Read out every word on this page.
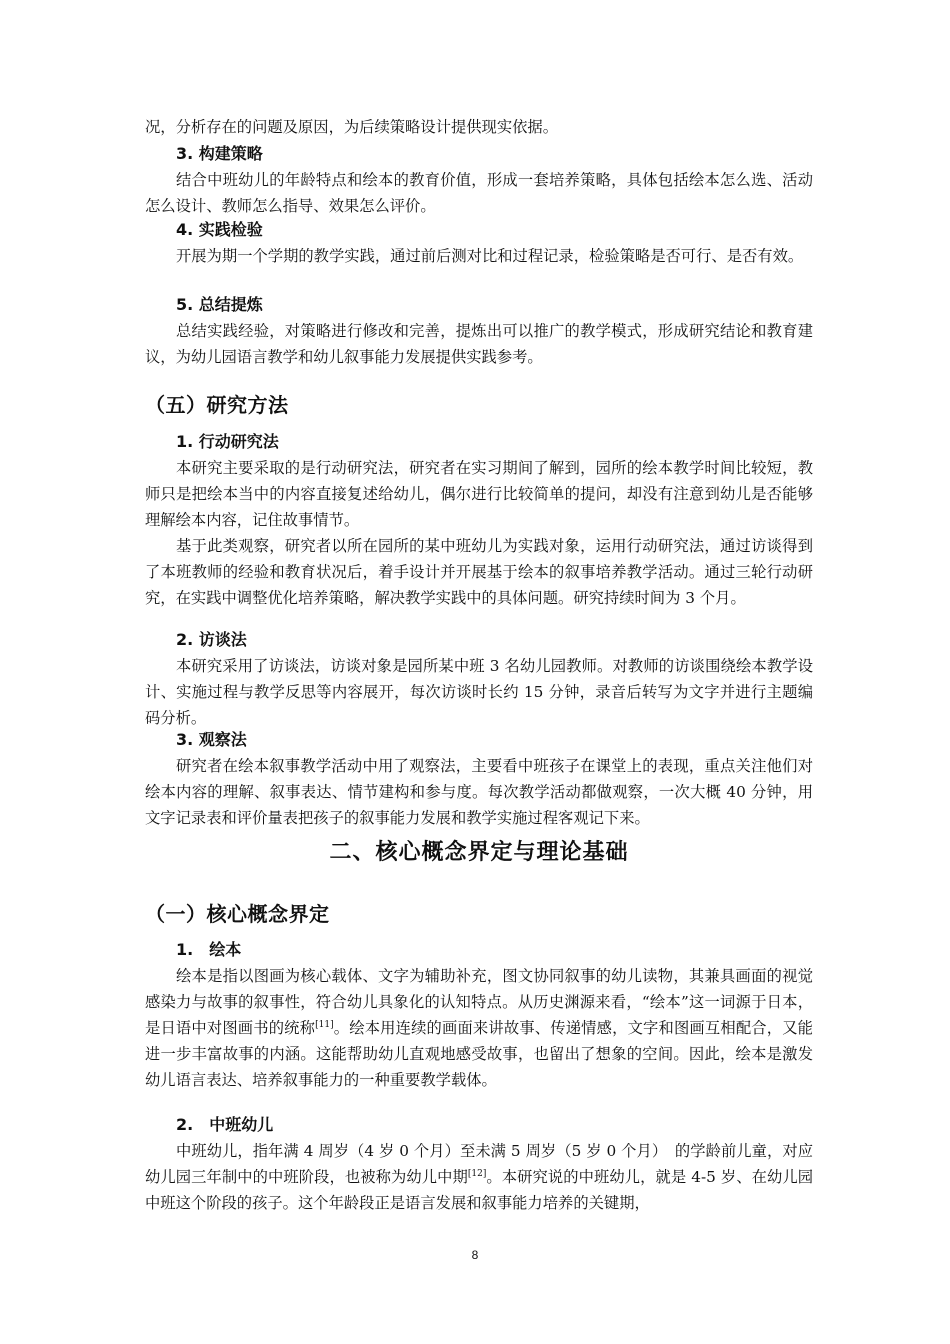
况，分析存在的问题及原因，为后续策略设计提供现实依据。

3. 构建策略

结合中班幼儿的年龄特点和绘本的教育价值，形成一套培养策略，具体包括绘本怎么选、活动怎么设计、教师怎么指导、效果怎么评价。

4. 实践检验

开展为期一个学期的教学实践，通过前后测对比和过程记录，检验策略是否可行、是否有效。

5. 总结提炼

总结实践经验，对策略进行修改和完善，提炼出可以推广的教学模式，形成研究结论和教育建议，为幼儿园语言教学和幼儿叙事能力发展提供实践参考。

（五）研究方法

1. 行动研究法

本研究主要采取的是行动研究法，研究者在实习期间了解到，园所的绘本教学时间比较短，教师只是把绘本当中的内容直接复述给幼儿，偶尔进行比较简单的提问，却没有注意到幼儿是否能够理解绘本内容，记住故事情节。

基于此类观察，研究者以所在园所的某中班幼儿为实践对象，运用行动研究法，通过访谈得到了本班教师的经验和教育状况后，着手设计并开展基于绘本的叙事培养教学活动。通过三轮行动研究，在实践中调整优化培养策略，解决教学实践中的具体问题。研究持续时间为 3 个月。

2. 访谈法

本研究采用了访谈法，访谈对象是园所某中班 3 名幼儿园教师。对教师的访谈围绕绘本教学设计、实施过程与教学反思等内容展开，每次访谈时长约 15 分钟，录音后转写为文字并进行主题编码分析。

3. 观察法

研究者在绘本叙事教学活动中用了观察法，主要看中班孩子在课堂上的表现，重点关注他们对绘本内容的理解、叙事表达、情节建构和参与度。每次教学活动都做观察，一次大概 40 分钟，用文字记录表和评价量表把孩子的叙事能力发展和教学实施过程客观记下来。

二、核心概念界定与理论基础

（一）核心概念界定

1.　绘本

绘本是指以图画为核心载体、文字为辅助补充，图文协同叙事的幼儿读物，其兼具画面的视觉感染力与故事的叙事性，符合幼儿具象化的认知特点。从历史渊源来看，“绘本”这一词源于日本，是日语中对图画书的统称[11]。绘本用连续的画面来讲故事、传递情感，文字和图画互相配合，又能进一步丰富故事的内涵。这能帮助幼儿直观地感受故事，也留出了想象的空间。因此，绘本是激发幼儿语言表达、培养叙事能力的一种重要教学载体。

2.　中班幼儿

中班幼儿，指年满 4 周岁（4 岁 0 个月）至未满 5 周岁（5 岁 0 个月）　的学龄前儿童，对应幼儿园三年制中的中班阶段，也被称为幼儿中期[12]。本研究说的中班幼儿，就是 4-5 岁、在幼儿园中班这个阶段的孩子。这个年龄段正是语言发展和叙事能力培养的关键期，

8
